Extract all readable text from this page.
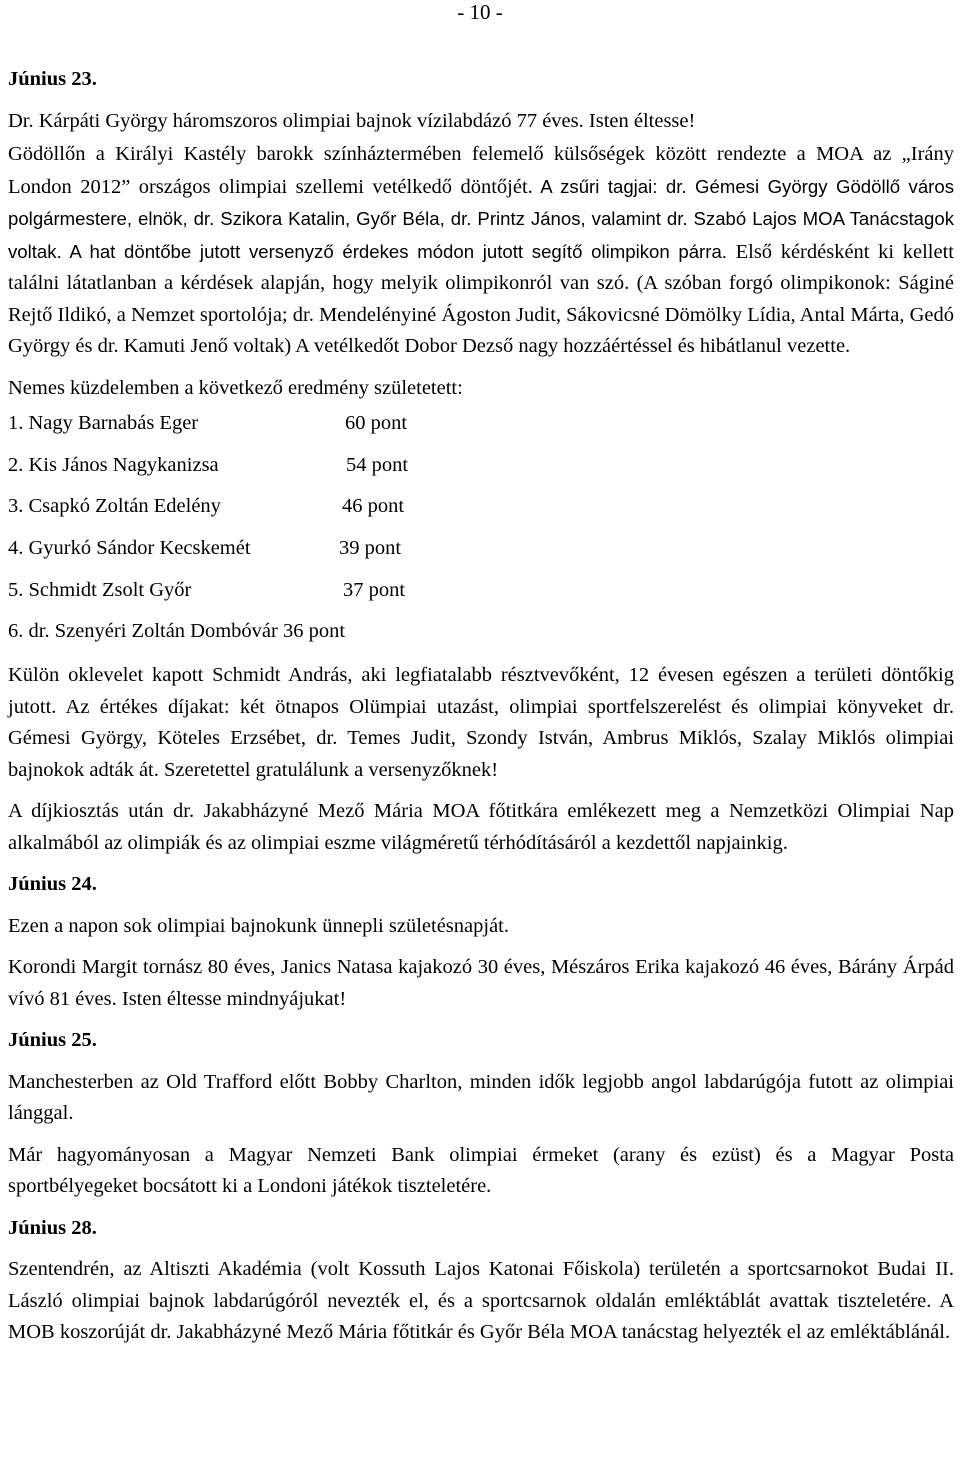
- 10 -
Június 23.

Dr. Kárpáti György háromszoros olimpiai bajnok vízilabdázó 77 éves. Isten éltesse!

Gödöllőn a Királyi Kastély barokk színháztermében felemelő külsőségek között rendezte a MOA az „Irány London 2012” országos olimpiai szellemi vetélkedő döntőjét. A zsűri tagjai: dr. Gémesi György Gödöllő város polgármestere, elnök, dr. Szikora Katalin, Győr Béla, dr. Printz János, valamint dr. Szabó Lajos MOA Tanácstagok voltak. A hat döntőbe jutott versenyző érdekes módon jutott segítő olimpikon párra. Első kérdésként ki kellett találni látatlanban a kérdések alapján, hogy melyik olimpikonról van szó. (A szóban forgó olimpikonok: Ságiné Rejtő Ildikó, a Nemzet sportolója; dr. Mendelényiné Ágoston Judit, Sákovicsné Dömölky Lídia, Antal Márta, Gedó György és dr. Kamuti Jenő voltak) A vetélkedőt Dobor Dezső nagy hozzáértéssel és hibátlanul vezette.

Nemes küzdelemben a következő eredmény születetett:

1. Nagy Barnabás Eger	60 pont
2. Kis János Nagykanizsa	54 pont
3. Csapkó Zoltán Edelény	46 pont
4. Gyurkó Sándor Kecskemét	39 pont
5. Schmidt Zsolt Győr	37 pont
6. dr. Szenyéri Zoltán Dombóvár 36 pont

Külön oklevelet kapott Schmidt András, aki legfiatalabb résztvevőként, 12 évesen egészen a területi döntőkig jutott. Az értékes díjakat: két ötnapos Olümpiai utazást, olimpiai sportfelszerelést és olimpiai könyveket dr. Gémesi György, Köteles Erzsébet, dr. Temes Judit, Szondy István, Ambrus Miklós, Szalay Miklós olimpiai bajnokok adták át. Szeretettel gratulálunk a versenyzőknek!

A díjkiosztás után dr. Jakabházyné Mező Mária MOA főtitkára emlékezett meg a Nemzetközi Olimpiai Nap alkalmából az olimpiák és az olimpiai eszme világméretű térhódításáról a kezdettől napjainkig.

Június 24.

Ezen a napon sok olimpiai bajnokunk ünnepli születésnapját.

Korondi Margit tornász 80 éves, Janics Natasa kajakozó 30 éves, Mészáros Erika kajakozó 46 éves, Bárány Árpád vívó 81 éves. Isten éltesse mindnyájukat!

Június 25.

Manchesterben az Old Trafford előtt Bobby Charlton, minden idők legjobb angol labdarúgója futott az olimpiai lánggal.

Már hagyományosan a Magyar Nemzeti Bank olimpiai érmeket (arany és ezüst) és a Magyar Posta sportbélyegeket bocsátott ki a Londoni játékok tiszteletére.

Június 28.

Szentendrén, az Altiszti Akadémia (volt Kossuth Lajos Katonai Főiskola) területén a sportcsarnokot Budai II. László olimpiai bajnok labdarúgóról nevezték el, és a sportcsarnok oldalán emléktáblát avattak tiszteletére. A MOB koszorúját dr. Jakabházyné Mező Mária főtitkár és Győr Béla MOA tanácstag helyezték el az emléktáblánál.
